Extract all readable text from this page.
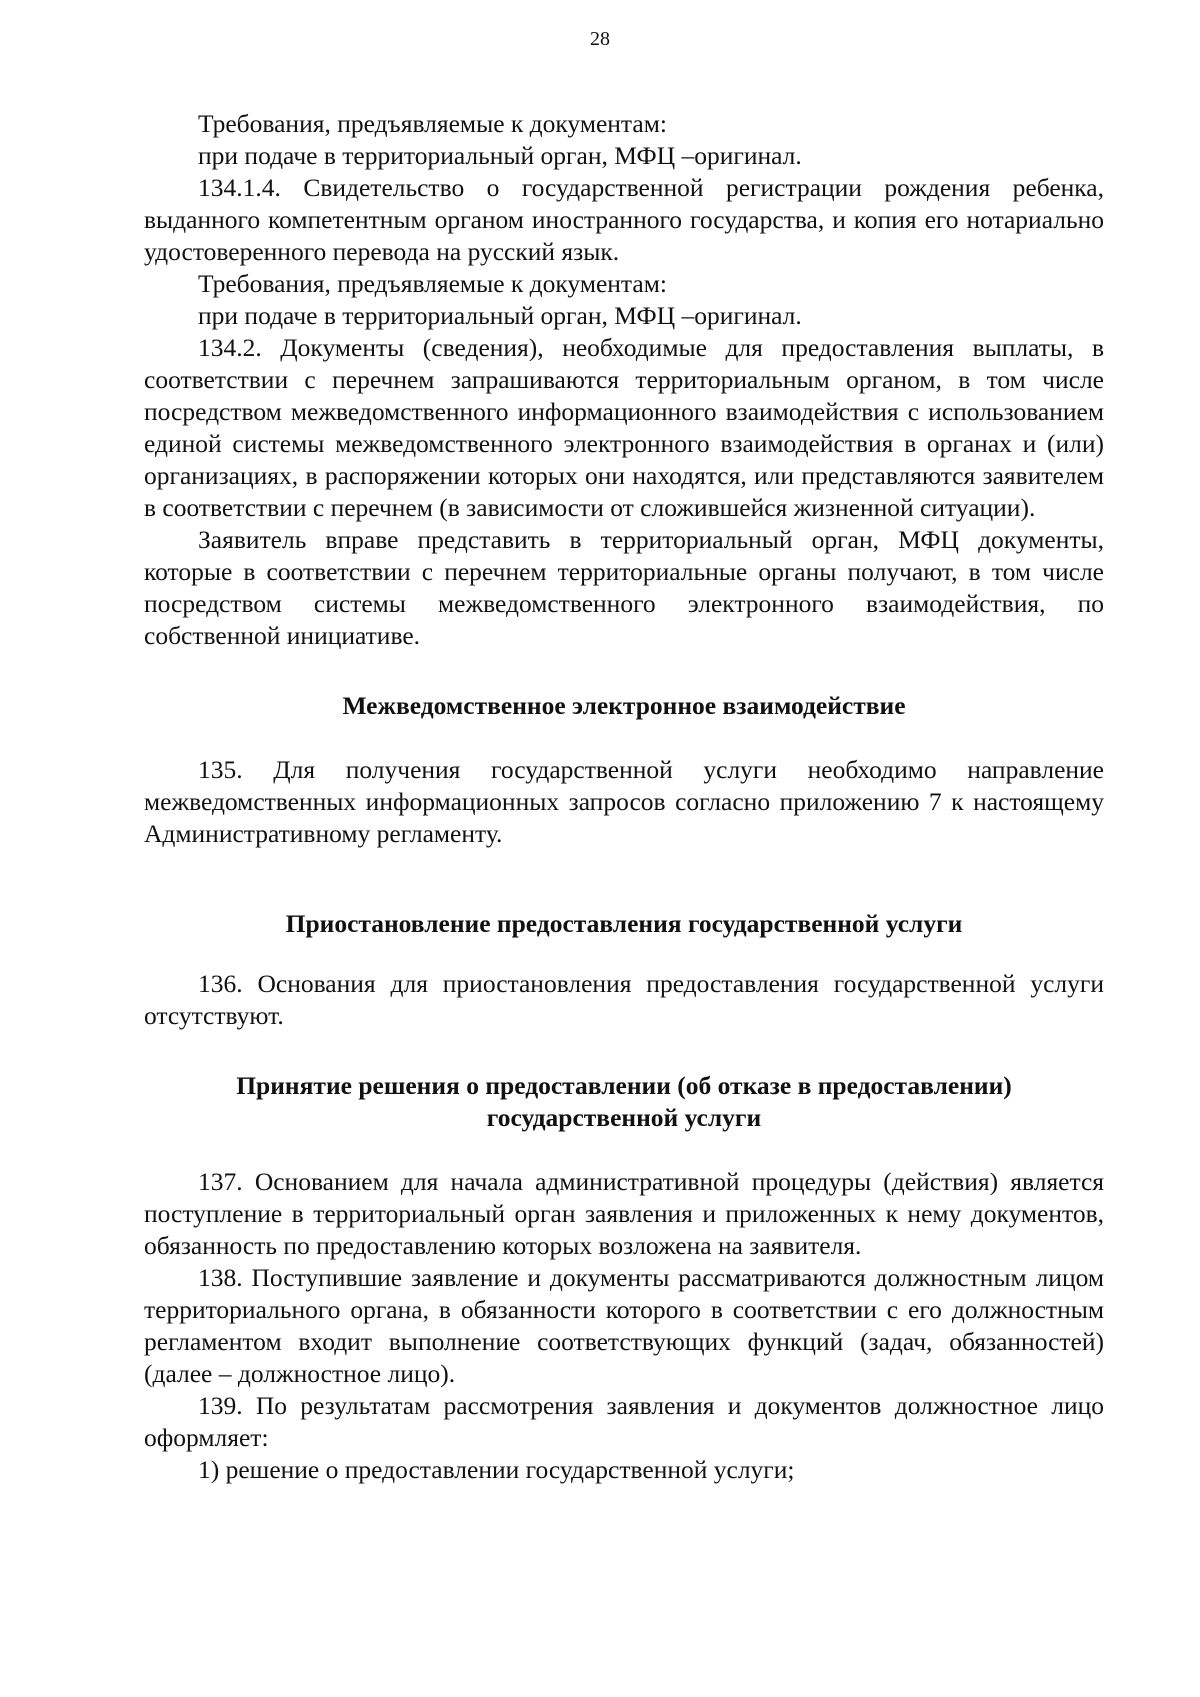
28

Требования, предъявляемые к документам:

при подаче в территориальный орган, МФЦ –оригинал.

134.1.4. Свидетельство о государственной регистрации рождения ребенка, выданного компетентным органом иностранного государства, и копия его нотариально удостоверенного перевода на русский язык.

Требования, предъявляемые к документам:

при подаче в территориальный орган, МФЦ –оригинал.

134.2. Документы (сведения), необходимые для предоставления выплаты, в соответствии с перечнем запрашиваются территориальным органом, в том числе посредством межведомственного информационного взаимодействия с использованием единой системы межведомственного электронного взаимодействия в органах и (или) организациях, в распоряжении которых они находятся, или представляются заявителем в соответствии с перечнем (в зависимости от сложившейся жизненной ситуации).

Заявитель вправе представить в территориальный орган, МФЦ документы, которые в соответствии с перечнем территориальные органы получают, в том числе посредством системы межведомственного электронного взаимодействия, по собственной инициативе.

Межведомственное электронное взаимодействие

135. Для получения государственной услуги необходимо направление межведомственных информационных запросов согласно приложению 7 к настоящему Административному регламенту.

Приостановление предоставления государственной услуги

136. Основания для приостановления предоставления государственной услуги отсутствуют.

Принятие решения о предоставлении (об отказе в предоставлении)

государственной услуги

137. Основанием для начала административной процедуры (действия) является поступление в территориальный орган заявления и приложенных к нему документов, обязанность по предоставлению которых возложена на заявителя.

138. Поступившие заявление и документы рассматриваются должностным лицом территориального органа, в обязанности которого в соответствии с его должностным регламентом входит выполнение соответствующих функций (задач, обязанностей) (далее – должностное лицо).

139. По результатам рассмотрения заявления и документов должностное лицо оформляет:

1) решение о предоставлении государственной услуги;
